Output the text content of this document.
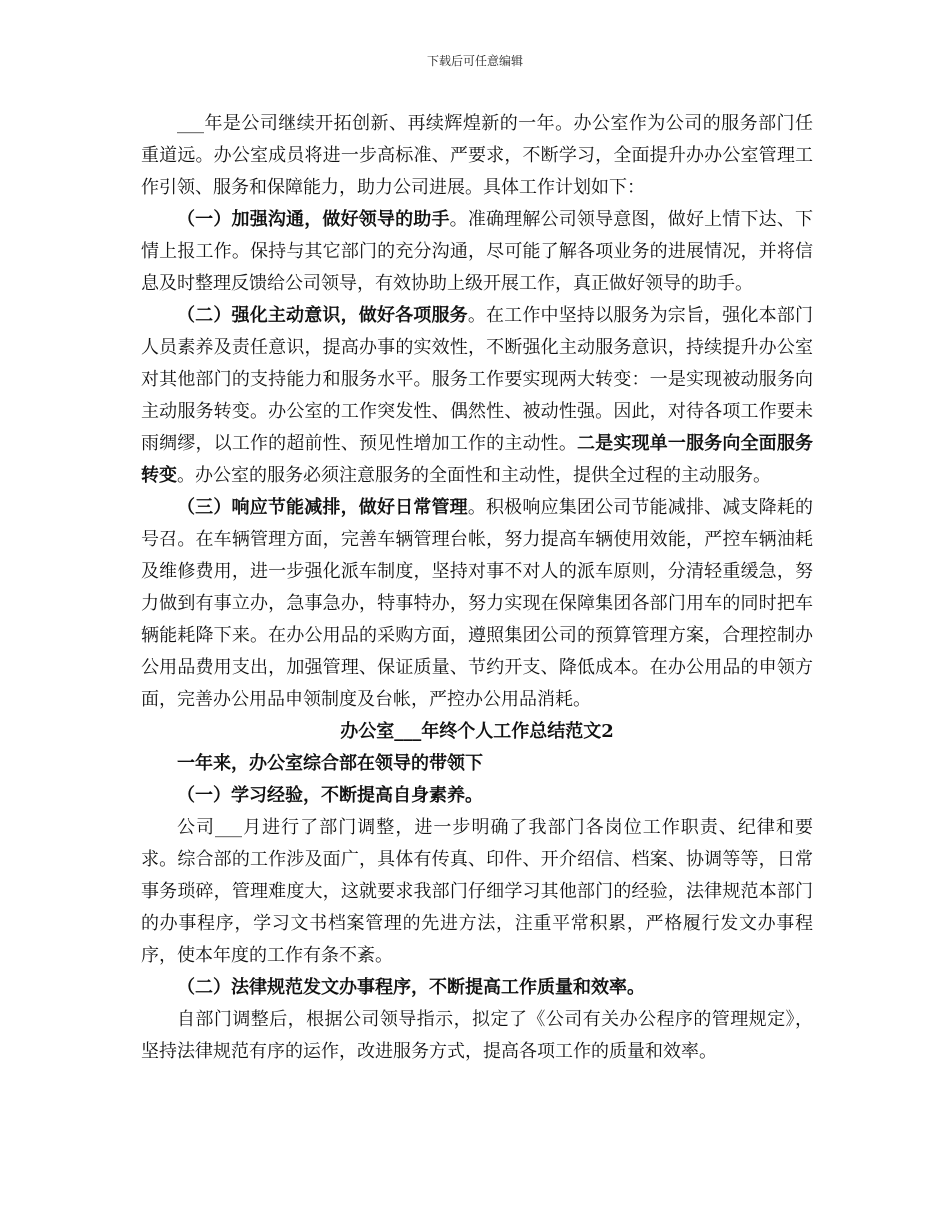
下载后可任意编辑

___年是公司继续开拓创新、再续辉煌新的一年。办公室作为公司的服务部门任重道远。办公室成员将进一步高标准、严要求，不断学习，全面提升办办公室管理工作引领、服务和保障能力，助力公司进展。具体工作计划如下：

（一）加强沟通，做好领导的助手。准确理解公司领导意图，做好上情下达、下情上报工作。保持与其它部门的充分沟通，尽可能了解各项业务的进展情况，并将信息及时整理反馈给公司领导，有效协助上级开展工作，真正做好领导的助手。

（二）强化主动意识，做好各项服务。在工作中坚持以服务为宗旨，强化本部门人员素养及责任意识，提高办事的实效性，不断强化主动服务意识，持续提升办公室对其他部门的支持能力和服务水平。服务工作要实现两大转变：一是实现被动服务向主动服务转变。办公室的工作突发性、偶然性、被动性强。因此，对待各项工作要未雨绸缪，以工作的超前性、预见性增加工作的主动性。二是实现单一服务向全面服务转变。办公室的服务必须注意服务的全面性和主动性，提供全过程的主动服务。

（三）响应节能减排，做好日常管理。积极响应集团公司节能减排、减支降耗的号召。在车辆管理方面，完善车辆管理台帐，努力提高车辆使用效能，严控车辆油耗及维修费用，进一步强化派车制度，坚持对事不对人的派车原则，分清轻重缓急，努力做到有事立办，急事急办，特事特办，努力实现在保障集团各部门用车的同时把车辆能耗降下来。在办公用品的采购方面，遵照集团公司的预算管理方案，合理控制办公用品费用支出，加强管理、保证质量、节约开支、降低成本。在办公用品的申领方面，完善办公用品申领制度及台帐，严控办公用品消耗。

办公室___年终个人工作总结范文2

一年来，办公室综合部在领导的带领下

（一）学习经验，不断提高自身素养。

公司___月进行了部门调整，进一步明确了我部门各岗位工作职责、纪律和要求。综合部的工作涉及面广，具体有传真、印件、开介绍信、档案、协调等等，日常事务琐碎，管理难度大，这就要求我部门仔细学习其他部门的经验，法律规范本部门的办事程序，学习文书档案管理的先进方法，注重平常积累，严格履行发文办事程序，使本年度的工作有条不紊。

（二）法律规范发文办事程序，不断提高工作质量和效率。

自部门调整后，根据公司领导指示，拟定了《公司有关办公程序的管理规定》，坚持法律规范有序的运作，改进服务方式，提高各项工作的质量和效率。
